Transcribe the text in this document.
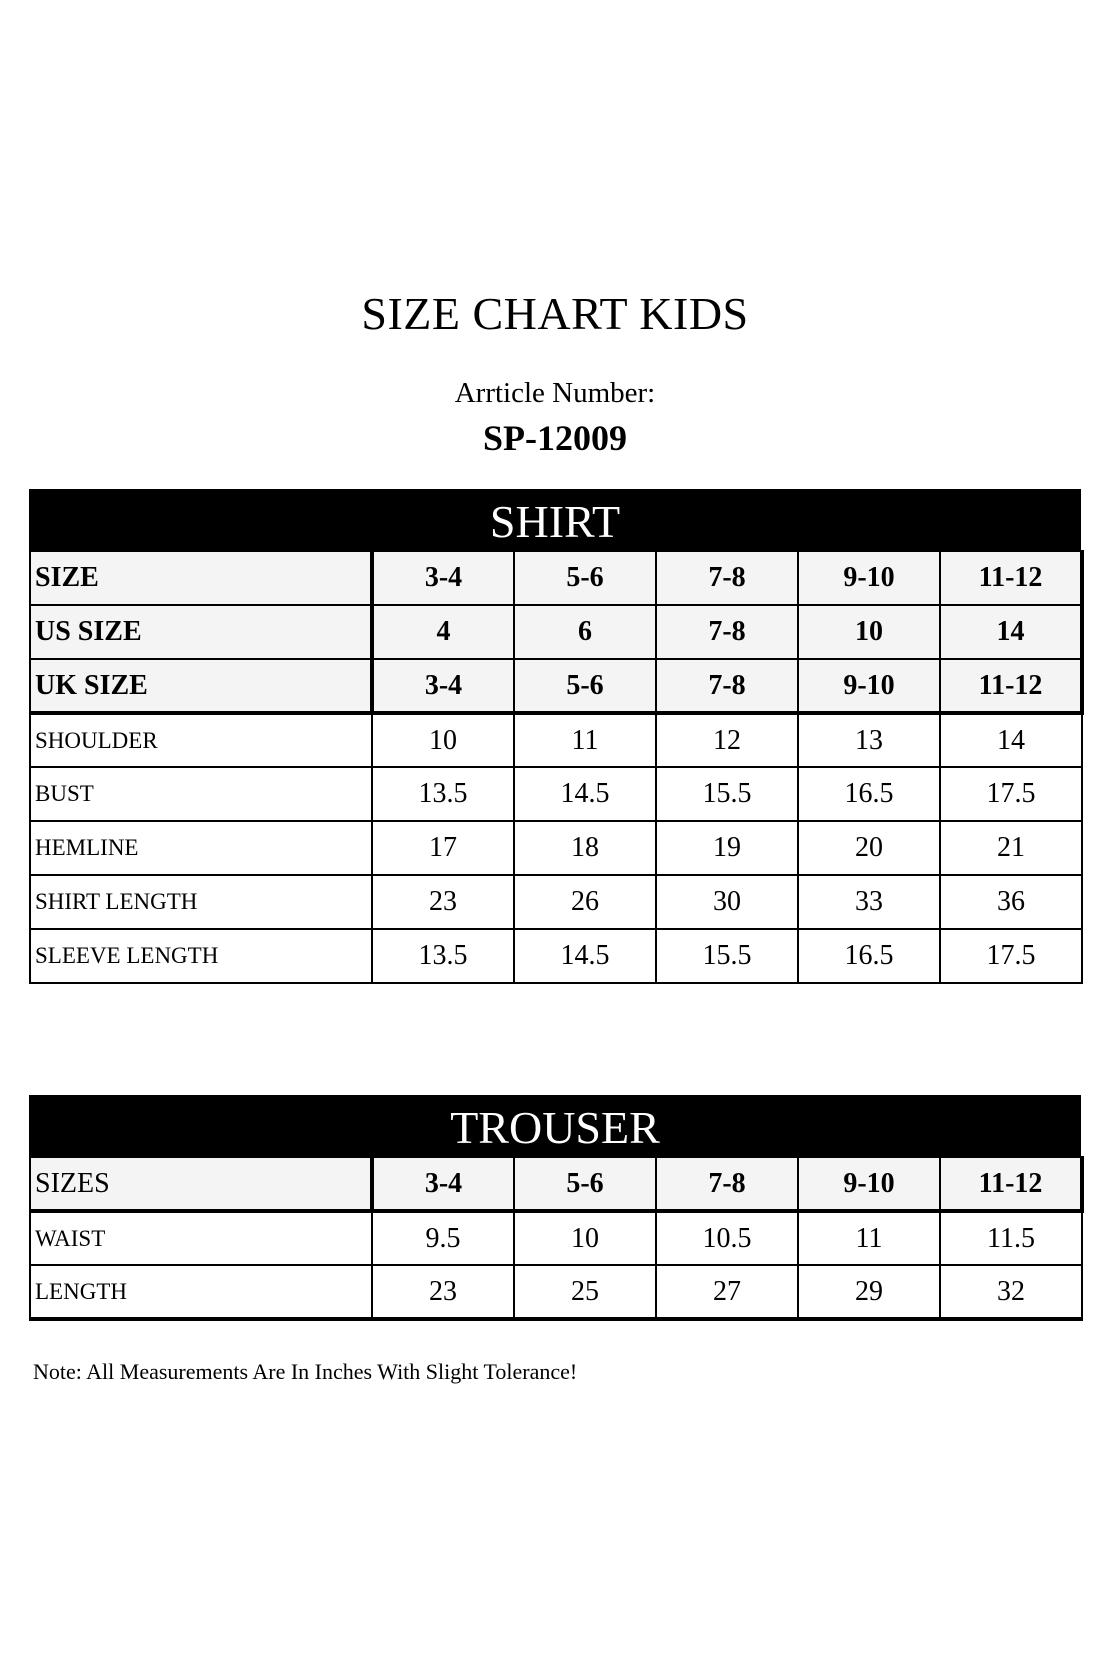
SIZE CHART KIDS
Arrticle Number:
SP-12009
SHIRT
SIZE	3-4	5-6	7-8	9-10	11-12
US SIZE	4	6	7-8	10	14
UK SIZE	3-4	5-6	7-8	9-10	11-12
SHOULDER	10	11	12	13	14
BUST	13.5	14.5	15.5	16.5	17.5
HEMLINE	17	18	19	20	21
SHIRT LENGTH	23	26	30	33	36
SLEEVE LENGTH	13.5	14.5	15.5	16.5	17.5
TROUSER
SIZES	3-4	5-6	7-8	9-10	11-12
WAIST	9.5	10	10.5	11	11.5
LENGTH	23	25	27	29	32
Note: All Measurements Are In Inches With Slight Tolerance!
